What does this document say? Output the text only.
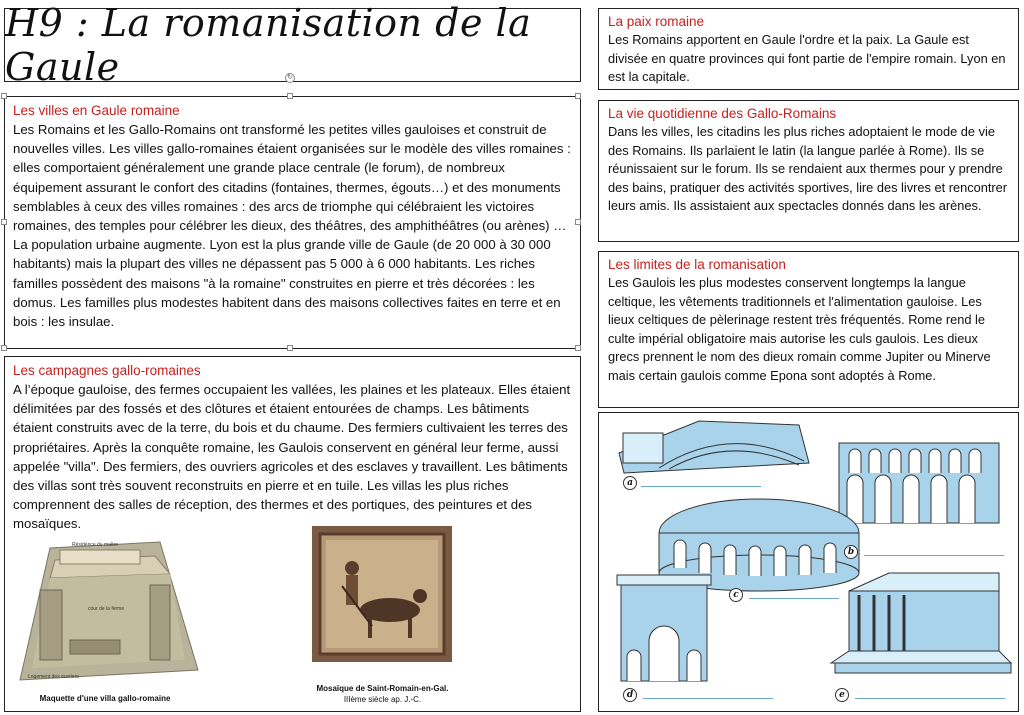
H9 : La romanisation de la Gaule	↻
Les villes en Gaule romaine
Les Romains et les Gallo-Romains ont transformé les petites villes gauloises et construit de nouvelles villes. Les villes gallo-romaines étaient organisées sur le modèle des villes romaines : elles comportaient généralement une grande place centrale (le forum), de nombreux équipement assurant le confort des citadins (fontaines, thermes, égouts…) et des monuments semblables à ceux des villes romaines : des arcs de triomphe qui célébraient les victoires romaines, des temples pour célébrer les dieux, des théâtres, des amphithéâtres (ou arènes) …
La population urbaine augmente. Lyon est la plus grande ville de Gaule (de 20 000 à 30 000 habitants) mais la plupart des villes ne dépassent pas 5 000 à 6 000 habitants. Les riches familles possèdent des maisons "à la romaine" construites en pierre et très décorées : les domus. Les familles plus modestes habitent dans des maisons collectives faites en terre et en bois : les insulae.
Les campagnes gallo-romaines
A l’époque gauloise, des fermes occupaient les vallées, les plaines et les plateaux. Elles étaient délimitées par des fossés et des clôtures et étaient entourées de champs. Les bâtiments étaient construits avec de la terre, du bois et du chaume. Des fermiers cultivaient les terres des propriétaires. Après la conquête romaine, les Gaulois conservent en général leur ferme, aussi appelée "villa". Des fermiers, des ouvriers agricoles et des esclaves y travaillent. Les bâtiments des villas sont très souvent reconstruits en pierre et en tuile. Les villas les plus riches comprennent des salles de réception, des thermes et des portiques, des peintures et des mosaïques.
cour de la ferme
Résidence du maître
Logement des ouvriers
Maquette d'une villa gallo-romaine
Mosaïque de Saint-Romain-en-Gal.
IIIème siècle ap. J.-C.
La paix romaine
Les Romains apportent en Gaule l'ordre et la paix. La Gaule est divisée en quatre provinces qui font partie de l'empire romain. Lyon en est la capitale.
La vie quotidienne des Gallo-Romains
Dans les villes, les citadins les plus riches adoptaient le mode de vie des Romains. Ils parlaient le latin (la langue parlée à Rome). Ils se réunissaient sur le forum. Ils se rendaient aux thermes pour y prendre des bains, pratiquer des activités sportives, lire des livres et rencontrer leurs amis. Ils assistaient aux spectacles donnés dans les arènes.
Les limites de la romanisation
Les Gaulois les plus modestes conservent longtemps la langue celtique, les vêtements traditionnels et l'alimentation gauloise. Les lieux celtiques de pèlerinage restent très fréquentés. Rome rend le culte impérial obligatoire mais autorise les culs gaulois. Les dieux grecs prennent le nom des dieux romain comme Jupiter ou Minerve mais certain gaulois comme Epona sont adoptés à Rome.
a
b
c
d	e
